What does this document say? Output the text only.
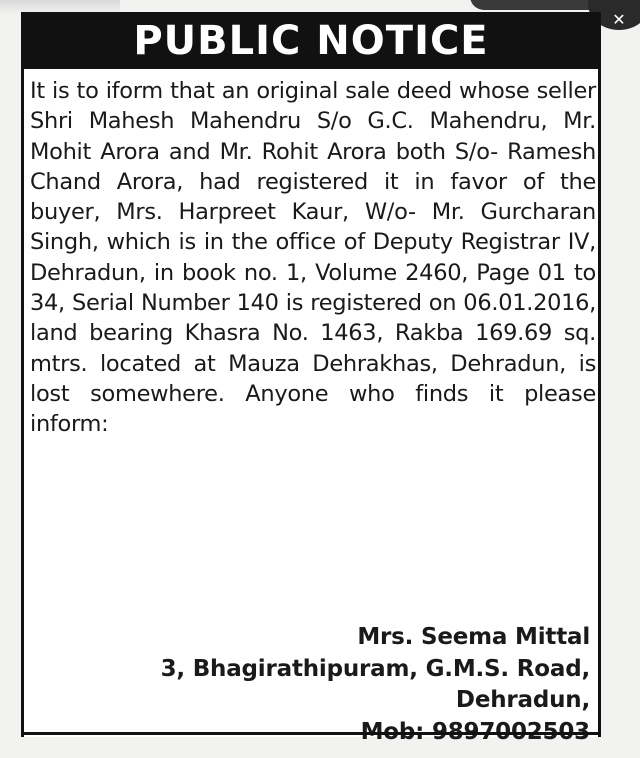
✕
PUBLIC NOTICE

It is to iform that an original sale deed whose seller Shri Mahesh Mahendru S/o G.C. Mahendru, Mr. Mohit Arora and Mr. Rohit Arora both S/o- Ramesh Chand Arora, had registered it in favor of the buyer, Mrs. Harpreet Kaur, W/o- Mr. Gurcharan Singh, which is in the office of Deputy Registrar IV, Dehradun, in book no. 1, Volume 2460, Page 01 to 34, Serial Number 140 is registered on 06.01.2016, land bearing Khasra No. 1463, Rakba 169.69 sq. mtrs. located at Mauza Dehrakhas, Dehradun, is lost somewhere. Anyone who finds it please inform:

Mrs. Seema Mittal
3, Bhagirathipuram, G.M.S. Road,
Dehradun,
